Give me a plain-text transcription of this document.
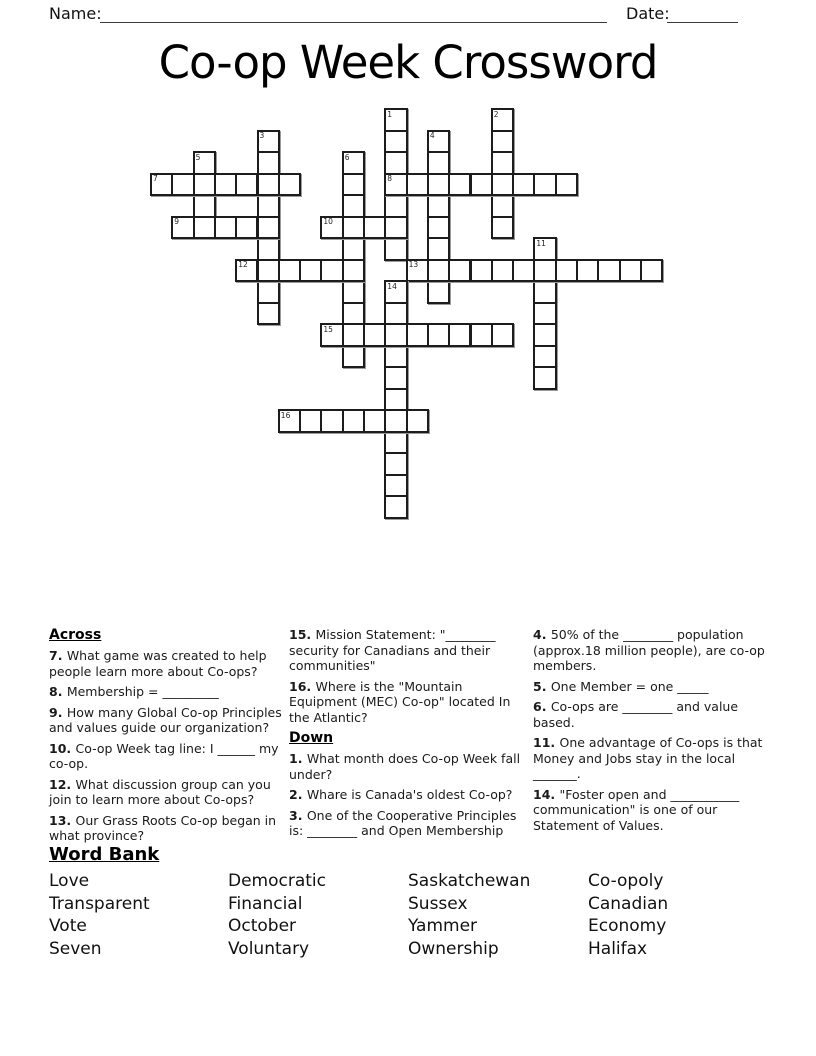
Name:	Date:
Co-op Week Crossword
1	2
3	4
5	6
7	8
9	10
11
12	13
14
15
16
Across

7. What game was created to help people learn more about Co-ops?

8. Membership = _________

9. How many Global Co-op Principles and values guide our organization?

10. Co-op Week tag line: I ______ my co-op.

12. What discussion group can you join to learn more about Co-ops?

13. Our Grass Roots Co-op began in what province?

15. Mission Statement: "________ security for Canadians and their communities"

16. Where is the "Mountain Equipment (MEC) Co-op" located In the Atlantic?

Down

1. What month does Co-op Week fall under?

2. Whare is Canada's oldest Co-op?

3. One of the Cooperative Principles is: ________ and Open Membership

4. 50% of the ________ population (approx.18 million people), are co-op members.

5. One Member = one _____

6. Co-ops are ________ and value based.

11. One advantage of Co-ops is that Money and Jobs stay in the local _______.

14. "Foster open and ___________ communication" is one of our Statement of Values.

Word Bank

Love

Transparent

Vote

Seven

Democratic

Financial

October

Voluntary

Saskatchewan

Sussex

Yammer

Ownership

Co-opoly

Canadian

Economy

Halifax
